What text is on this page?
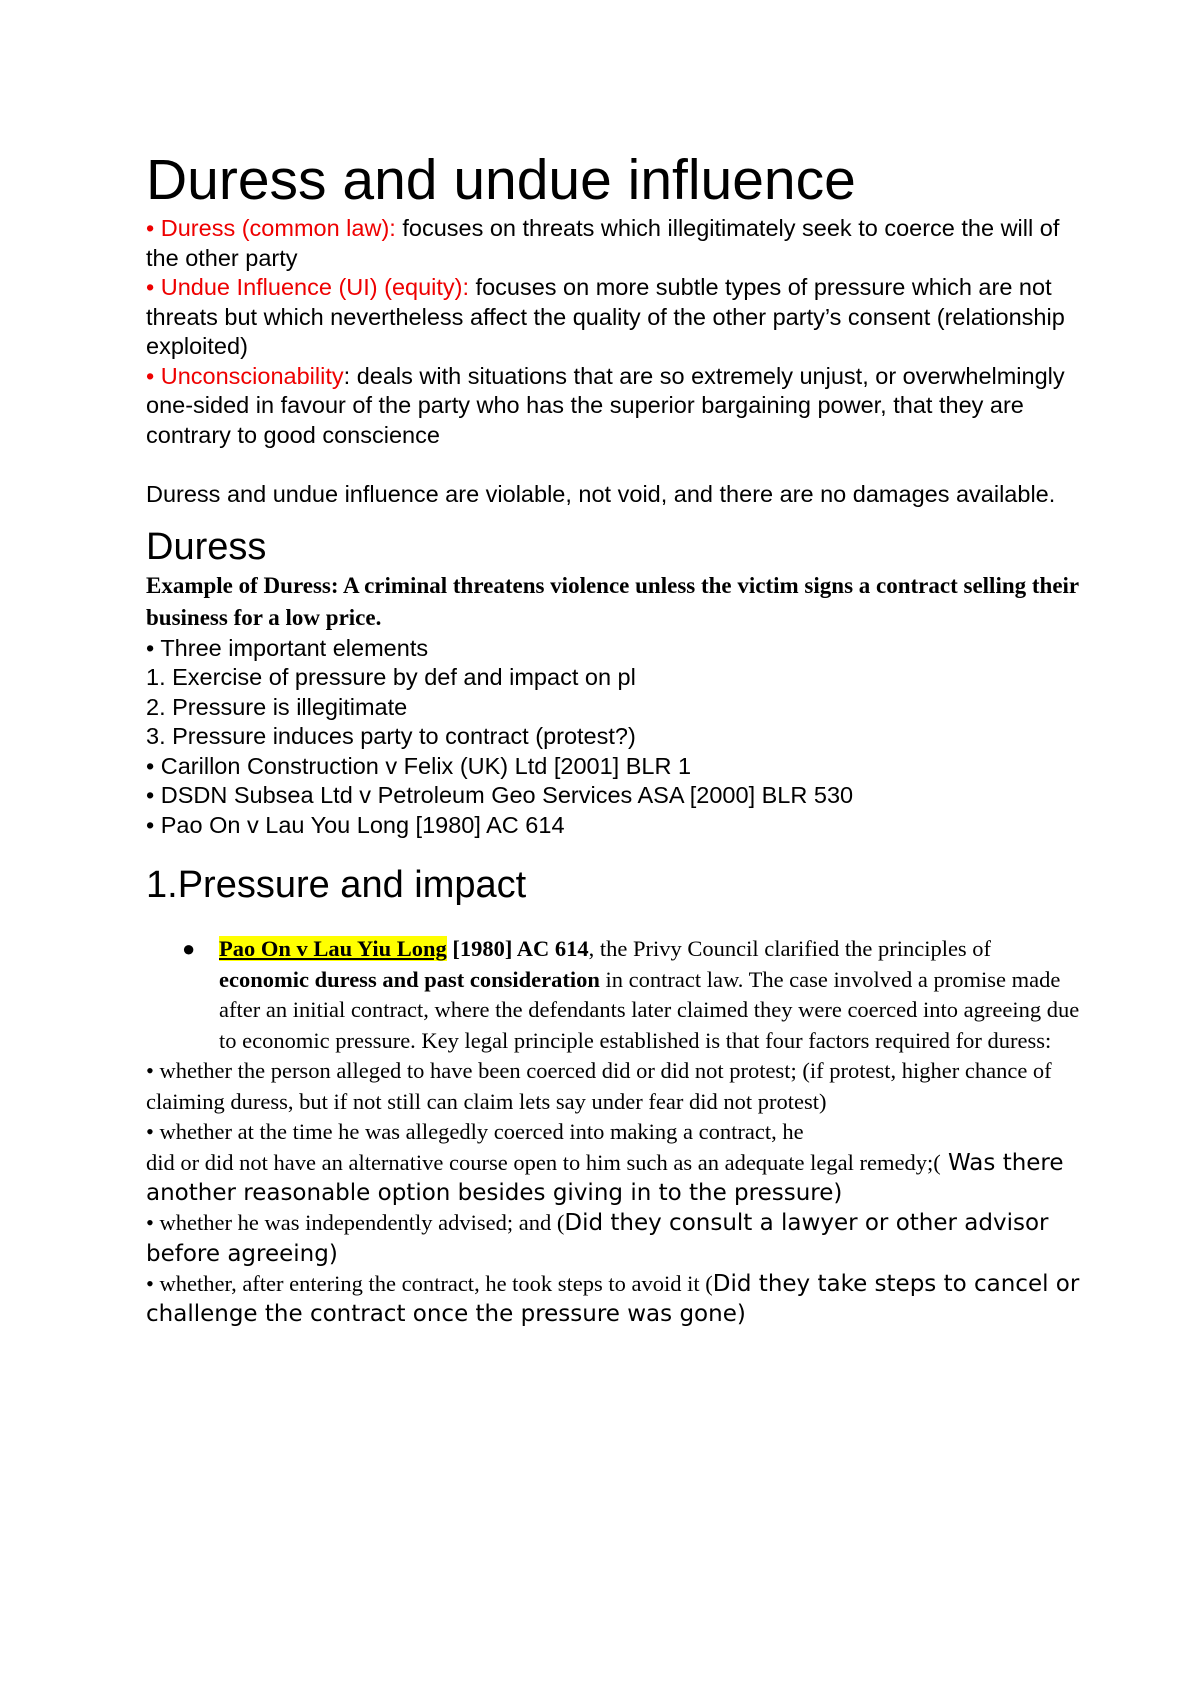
Duress and undue influence

• Duress (common law): focuses on threats which illegitimately seek to coerce the will of the other party

• Undue Influence (UI) (equity): focuses on more subtle types of pressure which are not threats but which nevertheless affect the quality of the other party’s consent (relationship exploited)

• Unconscionability: deals with situations that are so extremely unjust, or overwhelmingly one-sided in favour of the party who has the superior bargaining power, that they are contrary to good conscience

Duress and undue influence are violable, not void, and there are no damages available.

Duress

Example of Duress: A criminal threatens violence unless the victim signs a contract selling their business for a low price.

• Three important elements

1. Exercise of pressure by def and impact on pl

2. Pressure is illegitimate

3. Pressure induces party to contract (protest?)

• Carillon Construction v Felix (UK) Ltd [2001] BLR 1

• DSDN Subsea Ltd v Petroleum Geo Services ASA [2000] BLR 530

• Pao On v Lau You Long [1980] AC 614

1.Pressure and impact
● Pao On v Lau Yiu Long [1980] AC 614, the Privy Council clarified the principles of economic duress and past consideration in contract law. The case involved a promise made after an initial contract, where the defendants later claimed they were coerced into agreeing due to economic pressure. Key legal principle established is that four factors required for duress:

• whether the person alleged to have been coerced did or did not protest; (if protest, higher chance of claiming duress, but if not still can claim lets say under fear did not protest)

• whether at the time he was allegedly coerced into making a contract, he

did or did not have an alternative course open to him such as an adequate legal remedy;( Was there another reasonable option besides giving in to the pressure)

• whether he was independently advised; and (Did they consult a lawyer or other advisor before agreeing)

• whether, after entering the contract, he took steps to avoid it (Did they take steps to cancel or challenge the contract once the pressure was gone)
